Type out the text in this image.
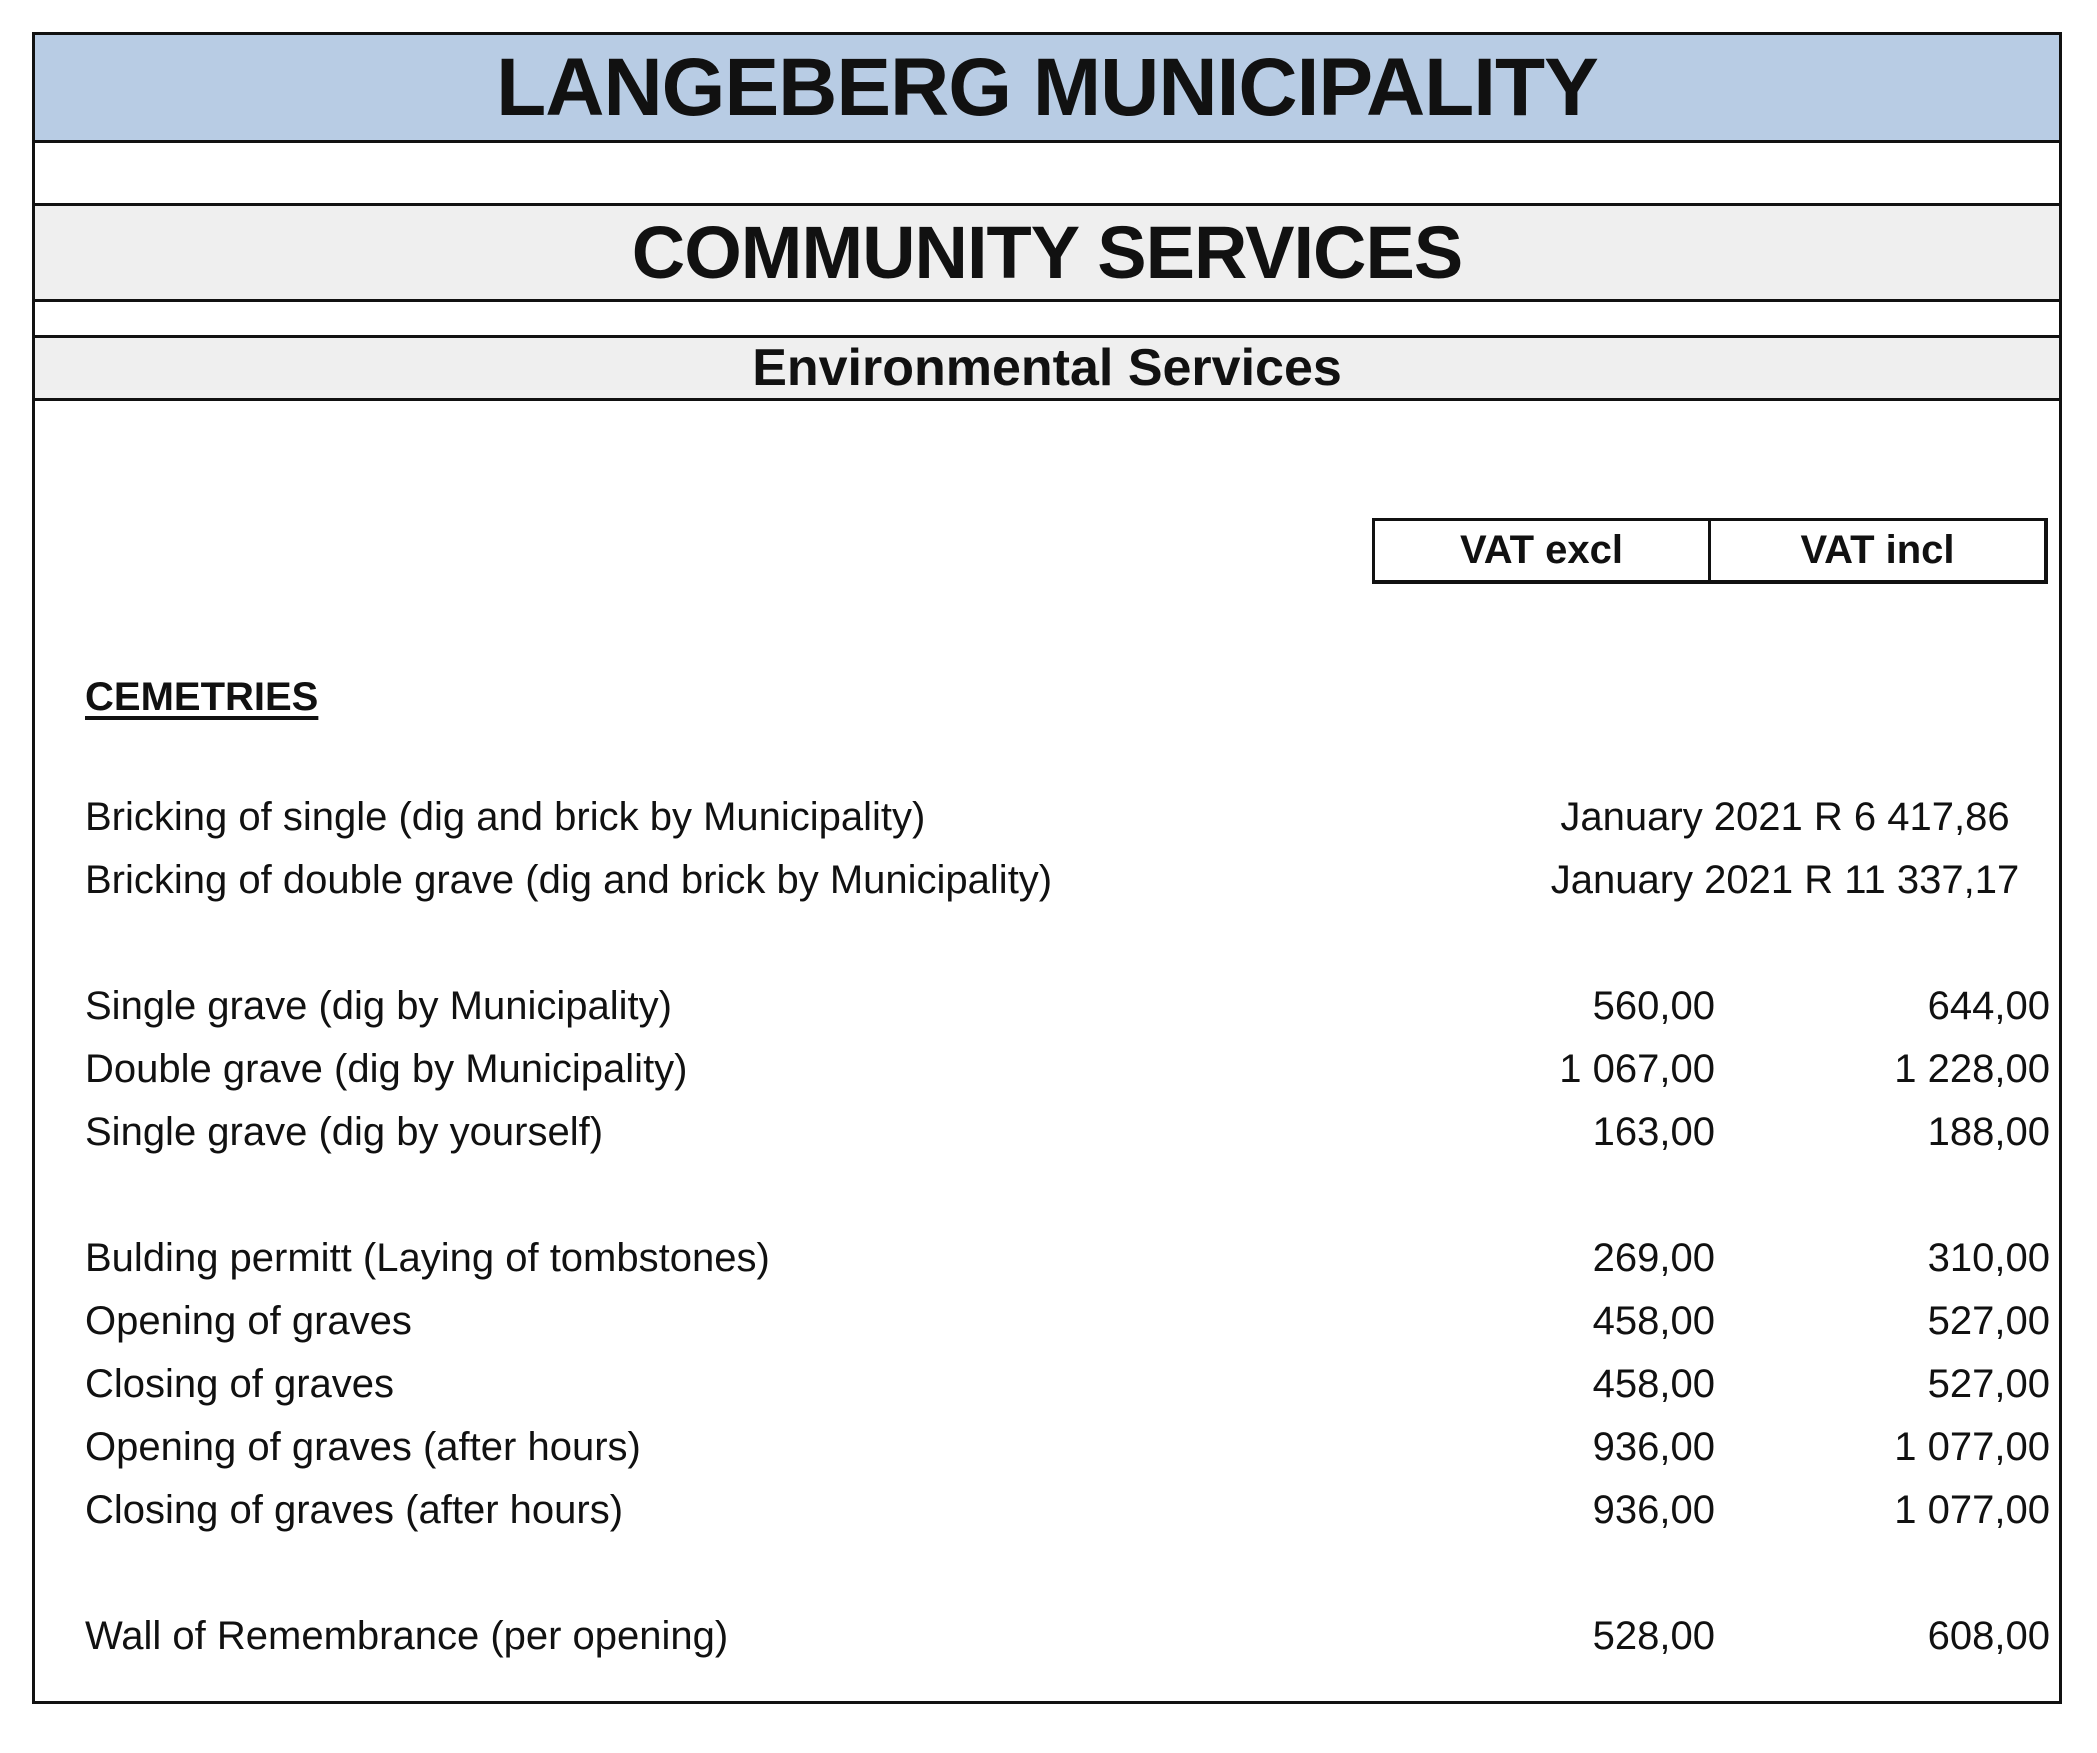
LANGEBERG MUNICIPALITY
COMMUNITY SERVICES
Environmental Services
VAT excl	VAT incl
CEMETRIES
Bricking of single (dig and brick by Municipality)	January 2021 R 6 417,86
Bricking of double grave (dig and brick by Municipality)	January 2021 R 11 337,17
Single grave (dig by Municipality)	560,00	644,00
Double grave (dig by Municipality)	1 067,00	1 228,00
Single grave (dig by yourself)	163,00	188,00
Bulding permitt (Laying of tombstones)	269,00	310,00
Opening of graves	458,00	527,00
Closing of graves	458,00	527,00
Opening of graves (after hours)	936,00	1 077,00
Closing of graves (after hours)	936,00	1 077,00
Wall of Remembrance (per opening)	528,00	608,00
